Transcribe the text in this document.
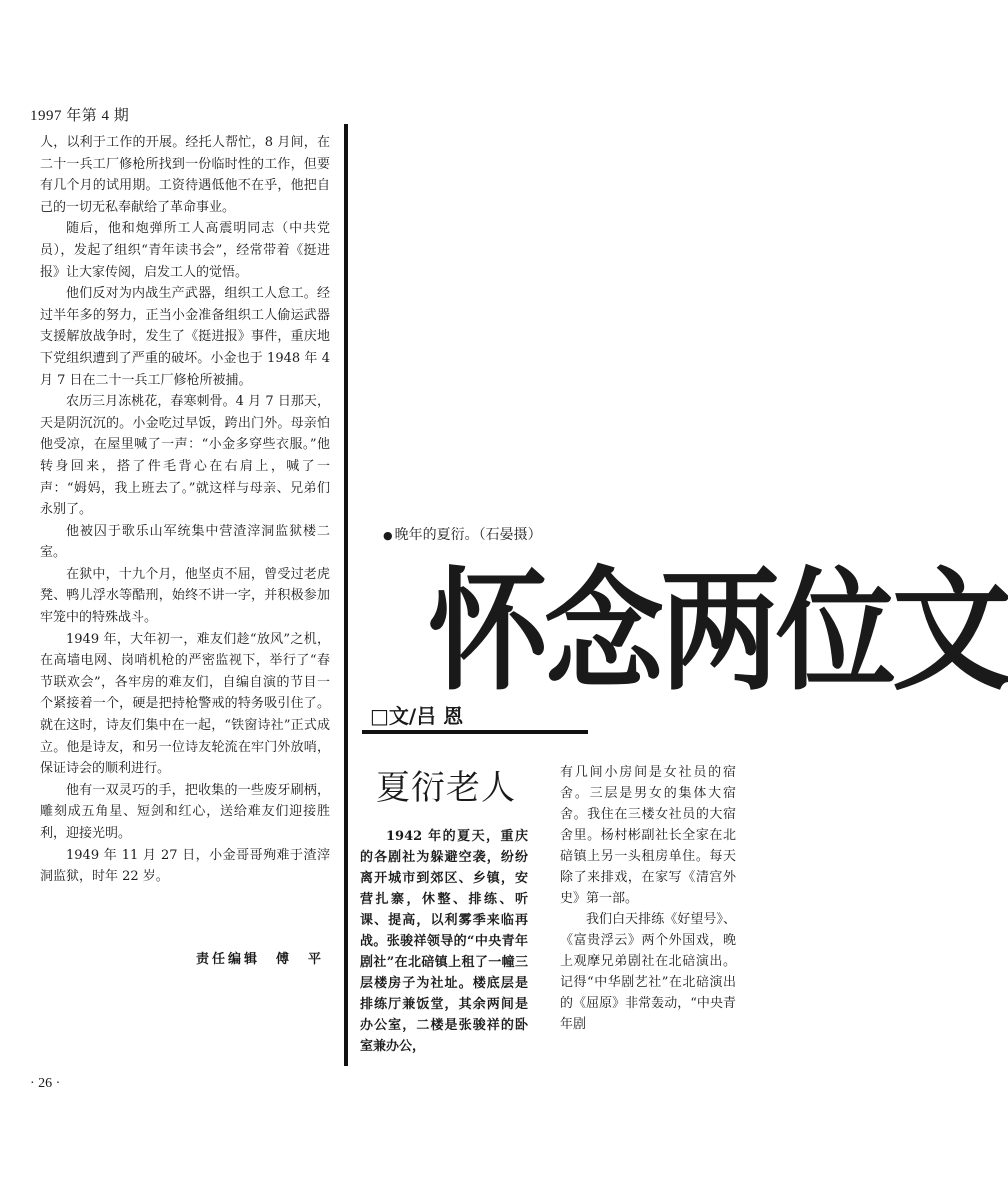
1997 年第 4 期

人，以利于工作的开展。经托人帮忙，8 月间，在二十一兵工厂修枪所找到一份临时性的工作，但要有几个月的试用期。工资待遇低他不在乎，他把自己的一切无私奉献给了革命事业。

随后，他和炮弹所工人高震明同志（中共党员），发起了组织“青年读书会”，经常带着《挺进报》让大家传阅，启发工人的觉悟。

他们反对为内战生产武器，组织工人怠工。经过半年多的努力，正当小金准备组织工人偷运武器支援解放战争时，发生了《挺进报》事件，重庆地下党组织遭到了严重的破坏。小金也于 1948 年 4 月 7 日在二十一兵工厂修枪所被捕。

农历三月冻桃花，春寒刺骨。4 月 7 日那天，天是阴沉沉的。小金吃过早饭，跨出门外。母亲怕他受凉，在屋里喊了一声：“小金多穿些衣服。”他转身回来，搭了件毛背心在右肩上，喊了一声：“姆妈，我上班去了。”就这样与母亲、兄弟们永别了。

他被囚于歌乐山军统集中营渣滓洞监狱楼二室。

在狱中，十九个月，他坚贞不屈，曾受过老虎凳、鸭儿浮水等酷刑，始终不讲一字，并积极参加牢笼中的特殊战斗。

1949 年，大年初一，难友们趁“放风”之机，在高墙电网、岗哨机枪的严密监视下，举行了“春节联欢会”，各牢房的难友们，自编自演的节目一个紧接着一个，硬是把持枪警戒的特务吸引住了。就在这时，诗友们集中在一起，“铁窗诗社”正式成立。他是诗友，和另一位诗友轮流在牢门外放哨，保证诗会的顺利进行。

他有一双灵巧的手，把收集的一些废牙刷柄，雕刻成五角星、短剑和红心，送给难友们迎接胜利，迎接光明。

1949 年 11 月 27 日，小金哥哥殉难于渣滓洞监狱，时年 22 岁。

责任编辑　傅　平
· 26 ·
● 晚年的夏衍。（石晏摄）
怀念两位文
□文/吕 恩
夏衍老人

1942 年的夏天，重庆的各剧社为躲避空袭，纷纷离开城市到郊区、乡镇，安营扎寨，休整、排练、听课、提高，以利雾季来临再战。张骏祥领导的“中央青年剧社”在北碚镇上租了一幢三层楼房子为社址。楼底层是排练厅兼饭堂，其余两间是办公室，二楼是张骏祥的卧室兼办公，

有几间小房间是女社员的宿舍。三层是男女的集体大宿舍。我住在三楼女社员的大宿舍里。杨村彬副社长全家在北碚镇上另一头租房单住。每天除了来排戏，在家写《清宫外史》第一部。

我们白天排练《好望号》、《富贵浮云》两个外国戏，晚上观摩兄弟剧社在北碚演出。记得“中华剧艺社”在北碚演出的《屈原》非常轰动，“中央青年剧
